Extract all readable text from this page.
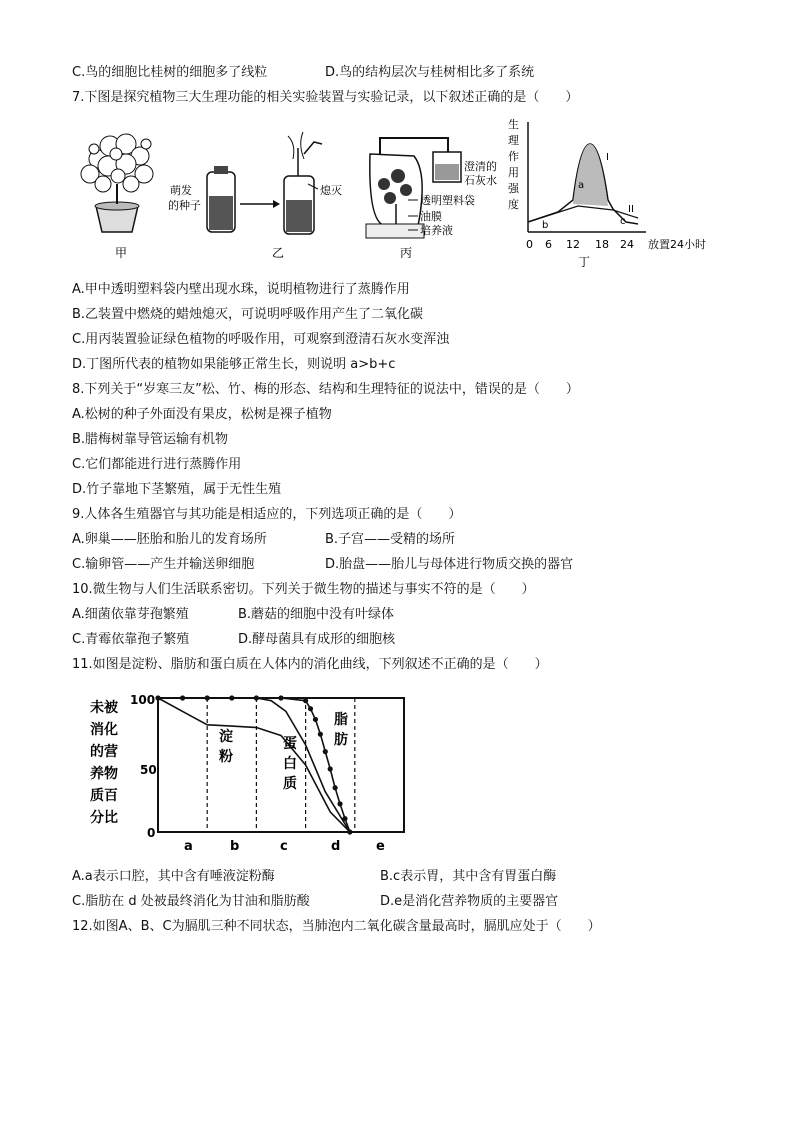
C.鸟的细胞比桂树的细胞多了线粒	D.鸟的结构层次与桂树相比多了系统
7.下图是探究植物三大生理功能的相关实验装置与实验记录，以下叙述正确的是（　　）
甲
萌发
的种子
熄灭
乙
澄清的
石灰水
透明塑料袋
油膜
培养液
丙
生
理
作
用
强
度
a
b	c
I
II
0 6 12 18 24 放置24小时
丁
A.甲中透明塑料袋内壁出现水珠，说明植物进行了蒸腾作用
B.乙装置中燃烧的蜡烛熄灭，可说明呼吸作用产生了二氧化碳
C.用丙装置验证绿色植物的呼吸作用，可观察到澄清石灰水变浑浊
D.丁图所代表的植物如果能够正常生长，则说明 a>b+c
8.下列关于“岁寒三友”松、竹、梅的形态、结构和生理特征的说法中，错误的是（　　）
A.松树的种子外面没有果皮，松树是裸子植物
B.腊梅树靠导管运输有机物
C.它们都能进行进行蒸腾作用
D.竹子靠地下茎繁殖，属于无性生殖
9.人体各生殖器官与其功能是相适应的，下列选项正确的是（　　）
A.卵巢——胚胎和胎儿的发育场所	B.子宫——受精的场所
C.输卵管——产生并输送卵细胞	D.胎盘——胎儿与母体进行物质交换的器官
10.微生物与人们生活联系密切。下列关于微生物的描述与事实不符的是（　　）
A.细菌依靠芽孢繁殖	B.蘑菇的细胞中没有叶绿体
C.青霉依靠孢子繁殖	D.酵母菌具有成形的细胞核
11.如图是淀粉、脂肪和蛋白质在人体内的消化曲线，下列叙述不正确的是（　　）
未被
消化
的营
养物
质百
分比
100
50
0
a	b	c	d	e
淀
粉
蛋
白
质
脂
肪
A.a表示口腔，其中含有唾液淀粉酶	B.c表示胃，其中含有胃蛋白酶
C.脂肪在 d 处被最终消化为甘油和脂肪酸	D.e是消化营养物质的主要器官
12.如图A、B、C为膈肌三种不同状态，当肺泡内二氧化碳含量最高时，膈肌应处于（　　）
